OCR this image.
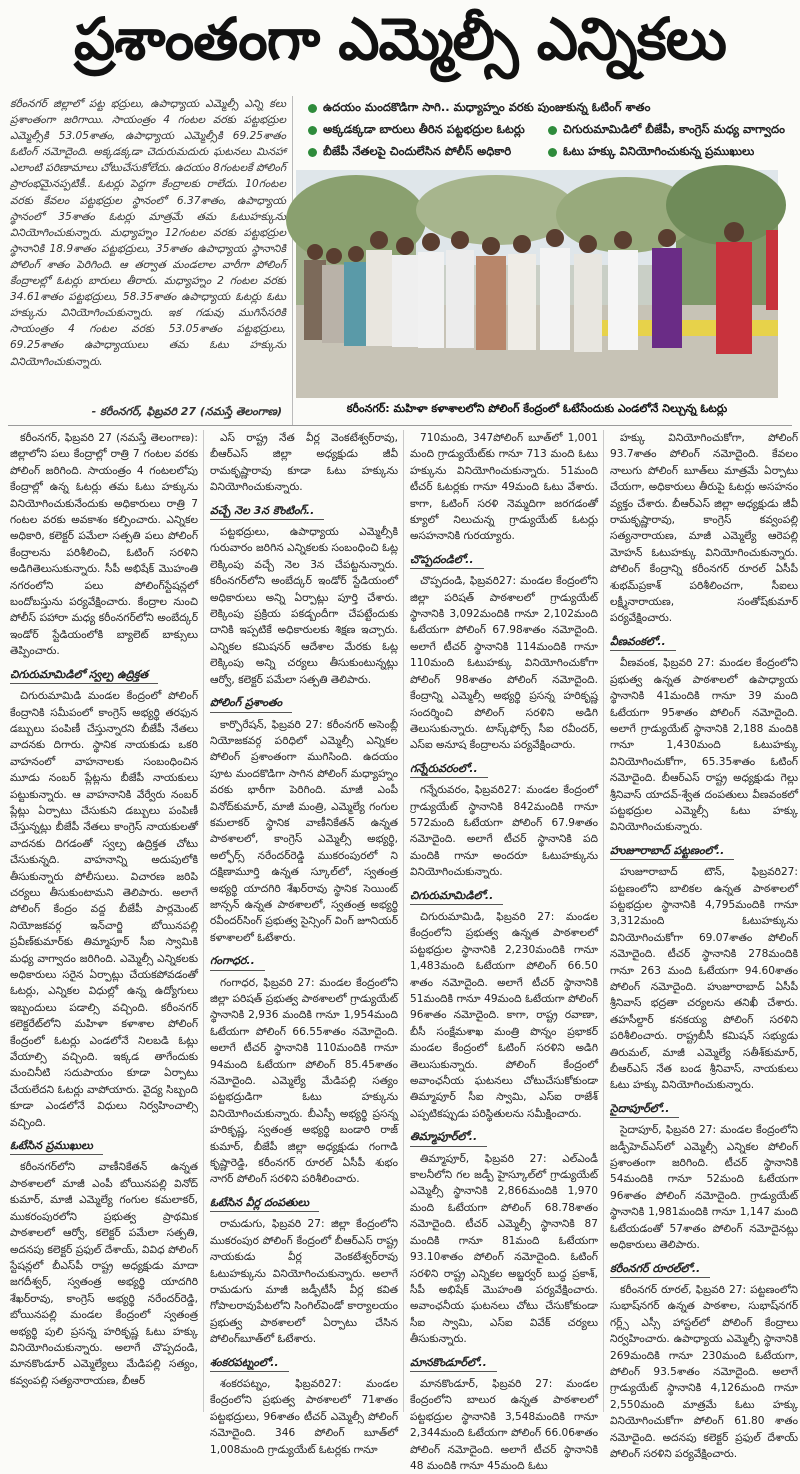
ప్రశాంతంగా ఎమ్మెల్సీ ఎన్నికలు
కరీంనగర్ జిల్లాలో పట్ట భద్రులు, ఉపాధ్యాయ ఎమ్మెల్సీ ఎన్ని కలు ప్రశాంతంగా జరిగాయి. సాయంత్రం 4 గంటల వరకు పట్టభద్రుల ఎమ్మెల్సీకి 53.05శాతం, ఉపాధ్యాయ ఎమ్మెల్సీకి 69.25శాతం ఓటింగ్ నమోదైంది. అక్కడక్కడా చెదురుమదురు ఘటనలు మినహా ఎలాంటి పరిణామాలు చోటుచేసుకోలేదు. ఉదయం 8గంటలకే పోలింగ్ ప్రారంభమైనప్పటికీ.. ఓటర్లు పెద్దగా కేంద్రాలకు రాలేదు. 10గంటల వరకు కేవలం పట్టభద్రుల స్థానంలో 6.37శాతం, ఉపాధ్యాయ స్థానంలో 35శాతం ఓటర్లు మాత్రమే తమ ఓటుహక్కును వినియోగించుకున్నారు. మధ్యాహ్నం 12గంటల వరకు పట్టభద్రుల స్థానానికి 18.9శాతం పట్టభద్రులు, 35శాతం ఉపాధ్యాయ స్థానానికి పోలింగ్ శాతం పెరిగింది. ఆ తర్వాత మండలాల వారీగా పోలింగ్ కేంద్రాలల్లో ఓటర్లు బారులు తీరారు. మధ్యాహ్నం 2 గంటల వరకు 34.61శాతం పట్టభద్రులు, 58.35శాతం ఉపాధ్యాయ ఓటర్లు ఓటు హక్కును వినియోగించుకున్నారు. ఇక గడువు ముగిసేసరికి సాయంత్రం 4 గంటల వరకు 53.05శాతం పట్టభద్రులు, 69.25శాతం ఉపాధ్యాయులు తమ ఓటు హక్కును వినియోగించుకున్నారు.
- కరీంనగర్, ఫిబ్రవరి 27 (నమస్తే తెలంగాణ)
ఉదయం మందకొడిగా సాగి.. మధ్యాహ్నం వరకు పుంజుకున్న ఓటింగ్ శాతం
అక్కడక్కడా బారులు తీరిన పట్టభద్రుల ఓటర్లు	చిగురుమామిడిలో బీజేపీ, కాంగ్రెస్ మధ్య వాగ్వాదం
బీజేపీ నేతలపై చిందులేసిన పోలీస్ అధికారి	ఓటు హక్కు వినియోగించుకున్న ప్రముఖులు
కరీంనగర్: మహిళా కళాశాలలోని పోలింగ్ కేంద్రంలో ఓటేసేందుకు ఎండలోనే నిల్చున్న ఓటర్లు

కరీంనగర్, ఫిబ్రవరి 27 (నమస్తే తెలంగాణ): జిల్లాలోని పలు కేంద్రాల్లో రాత్రి 7 గంటల వరకు పోలింగ్ జరిగింది. సాయంత్రం 4 గంటలలోపు కేంద్రాల్లో ఉన్న ఓటర్లు తమ ఓటు హక్కును వినియోగించుకునేందుకు అధికారులు రాత్రి 7 గంటల వరకు అవకాశం కల్పించారు. ఎన్నికల అధికారి, కలెక్టర్ పమేలా సత్పతి పలు పోలింగ్ కేంద్రాలను పరిశీలించి, ఓటింగ్ సరళిని అడిగితెలుసుకున్నారు. సీపీ అభిషేక్ మొహంతి నగరంలోని పలు పోలింగ్‌స్టేషన్లలో బందోబస్తును పర్యవేక్షించారు. కేంద్రాల నుంచి పోలీస్ పహారా మధ్య కరీంనగర్‌లోని అంబేద్కర్ ఇండోర్ స్టేడియంలోకి బ్యాలెట్ బాక్సులు తెప్పించారు.

చిగురుమామిడిలో స్వల్ప ఉద్రిక్తత

చిగురుమామిడి మండల కేంద్రంలో పోలింగ్ కేంద్రానికి సమీపంలో కాంగ్రెస్ అభ్యర్థి తరఫున డబ్బులు పంపిణీ చేస్తున్నారని బీజేపీ నేతలు వాదనకు దిగారు. స్థానిక నాయకుడు ఒకరి వాహనంలో వాహనాలకు సంబంధించిన మూడు నంబర్ ప్లేట్లను బీజేపీ నాయకులు పట్టుకున్నారు. ఆ వాహనానికి వేర్వేరు నంబర్ ప్లేట్లు ఏర్పాటు చేసుకుని డబ్బులు పంపిణీ చేస్తున్నట్లు బీజేపీ నేతలు కాంగ్రెస్ నాయకులతో వాదనకు దిగడంతో స్వల్ప ఉద్రిక్తత చోటు చేసుకున్నది. వాహనాన్ని అదుపులోకి తీసుకున్నారు పోలీసులు. విచారణ జరిపి చర్యలు తీసుకుంటామని తెలిపారు. అలాగే పోలింగ్ కేంద్రం వద్ద బీజేపీ పార్లమెంట్ నియోజకవర్గ ఇన్‌చార్జి బోయినపల్లి ప్రవీణ్‌కుమార్‌కు తిమ్మాపూర్ సీఐ స్వామికి మధ్య వాగ్వాదం జరిగింది. ఎమ్మెల్సీ ఎన్నికలకు అధికారులు సరైన ఏర్పాట్లు చేయకపోవడంతో ఓటర్లు, ఎన్నికల విధుల్లో ఉన్న ఉద్యోగులు ఇబ్బందులు పడాల్సి వచ్చింది. కరీంనగర్ కలెక్టరేట్‌లోని మహిళా కళాశాల పోలింగ్ కేంద్రంలో ఓటర్లు ఎండలోనే నిలబడి ఓట్లు వేయాల్సి వచ్చింది. ఇక్కడ తాగేందుకు మంచినీటి సదుపాయం కూడా ఏర్పాటు చేయలేదని ఓటర్లు వాపోయారు. వైద్య సిబ్బంది కూడా ఎండలోనే విధులు నిర్వహించాల్సి వచ్చింది.

ఓటేసిన ప్రముఖులు

కరీంనగర్‌లోని వాణీనికేతన్ ఉన్నత పాఠశాలలో మాజీ ఎంపీ బోయినపల్లి వినోద్ కుమార్, మాజీ ఎమ్మెల్యే గంగుల కమలాకర్, ముకరంపురలోని ప్రభుత్వ ప్రాథమిక పాఠశాలలో ఆర్వో, కలెక్టర్ పమేలా సత్పతి, అదనపు కలెక్టర్ ప్రఫుల్ దేశాయ్, వివిధ పోలింగ్ స్టేషన్లలో బీఎస్‌పీ రాష్ట్ర అధ్యక్షుడు మాదా జగదీశ్వర్, స్వతంత్ర అభ్యర్థి యాదగిరి శేఖర్‌రావు, కాంగ్రెస్ అభ్యర్థి నరేందర్‌రెడ్డి, బోయినపల్లి మండల కేంద్రంలో స్వతంత్ర అభ్యర్థి పులి ప్రసన్న హరికృష్ణ ఓటు హక్కు వినియోగించుకున్నారు. అలాగే చొప్పదండి, మానకొండూర్ ఎమ్మెల్యేలు మేడిపల్లి సత్యం, కవ్వంపల్లి సత్యనారాయణ, బీఆర్

ఎస్ రాష్ట్ర నేత వీర్ల వెంకటేశ్వర్‌రావు, బీఆర్ఎస్ జిల్లా అధ్యక్షుడు జీవీ రామకృష్ణారావు కూడా ఓటు హక్కును వినియోగించుకున్నారు.

వచ్చే నెల 3న కౌంటింగ్..

పట్టభద్రులు, ఉపాధ్యాయ ఎమ్మెల్సీకి గురువారం జరిగిన ఎన్నికలకు సంబంధించి ఓట్ల లెక్కింపు వచ్చే నెల 3న చేపట్టనున్నారు. కరీంనగర్‌లోని అంబేద్కర్ ఇండోర్ స్టేడియంలో అధికారులు అన్ని ఏర్పాట్లు పూర్తి చేశారు. లెక్కింపు ప్రక్రియ పకడ్బందీగా చేపట్టేందుకు దానికి ఇప్పటికే అధికారులకు శిక్షణ ఇచ్చారు. ఎన్నికల కమిషనర్ ఆదేశాల మేరకు ఓట్ల లెక్కింపు అన్ని చర్యలు తీసుకుంటున్నట్లు ఆర్వో, కలెక్టర్ పమేలా సత్పతి తెలిపారు.

పోలింగ్ ప్రశాంతం

కార్పొరేషన్, ఫిబ్రవరి 27: కరీంనగర్ అసెంబ్లీ నియోజకవర్గ పరిధిలో ఎమ్మెల్సీ ఎన్నికల పోలింగ్ ప్రశాంతంగా ముగిసింది. ఉదయం పూట మందకొడిగా సాగిన పోలింగ్ మధ్యాహ్నం వరకు భారీగా పెరిగింది. మాజీ ఎంపీ వినోద్‌కుమార్, మాజీ మంత్రి, ఎమ్మెల్యే గంగుల కమలాకర్ స్థానిక వాణీనికేతన్ ఉన్నత పాఠశాలలో, కాంగ్రెస్ ఎమ్మెల్సీ అభ్యర్థి, అల్ఫోర్స్ నరేందర్‌రెడ్డి ముకరంపురలో ని దక్షిణామూర్తి ఉన్నత స్కూల్‌లో, స్వతంత్ర అభ్యర్థి యాదగిరి శేఖర్‌రావు స్థానిక సెయింట్ జాన్సన్ ఉన్నత పాఠశాలలో, స్వతంత్ర అభ్యర్థి రవీందర్‌సింగ్ ప్రభుత్వ సైన్సింగ్ వింగ్ జూనియర్ కళాశాలలో ఓటేశారు.

గంగాధర..

గంగాధర, ఫిబ్రవరి 27: మండల కేంద్రంలోని జిల్లా పరిషత్ ప్రభుత్వ పాఠశాలలో గ్రాడ్యుయేట్ స్థానానికి 2,936 మందికి గానూ 1,954మంది ఓటేయగా పోలింగ్ 66.55శాతం నమోదైంది. అలాగే టీచర్ స్థానానికి 110మందికి గానూ 94మంది ఓటేయగా పోలింగ్ 85.45శాతం నమోదైంది. ఎమ్మెల్యే మేడిపల్లి సత్యం పట్టభద్రుడిగా ఓటు హక్కును వినియోగించుకున్నారు. బీఎస్పీ అభ్యర్థి ప్రసన్న హరికృష్ణ, స్వతంత్ర అభ్యర్థి బండారి రాజ్ కుమార్, బీజేపీ జిల్లా అధ్యక్షుడు గంగాడి కృష్ణారెడ్డి, కరీంనగర్ రూరల్ ఏసీపీ శుభం నాగర్ పోలింగ్ సరళిని పరిశీలించారు.

ఓటేసిన వీర్ల దంపతులు

రామడుగు, ఫిబ్రవరి 27: జిల్లా కేంద్రంలోని ముకరంపుర పోలింగ్ కేంద్రంలో బీఆర్ఎస్ రాష్ట్ర నాయకుడు వీర్ల వెంకటేశ్వర్‌రావు ఓటుహక్కును వినియోగించుకున్నారు. అలాగే రామడుగు మాజీ జడ్పీటీసీ వీర్ల కవిత గోపాలరావుపేటలోని సింగిల్‌విండో కార్యాలయం ప్రభుత్వ పాఠశాలలో ఏర్పాటు చేసిన పోలింగ్‌బూత్‌లో ఓటేశారు.

శంకరపట్నంలో..

శంకరపట్నం, ఫిబ్రవరి27: మండల కేంద్రంలోని ప్రభుత్వ పాఠశాలలో 71శాతం పట్టభద్రులు, 96శాతం టీచర్ ఎమ్మెల్సీ పోలింగ్ నమోదైంది. 346 పోలింగ్ బూత్‌లో 1,008మంది గ్రాడ్యుయేట్ ఓటర్లకు గానూ

710మంది, 347పోలింగ్ బూత్‌లో 1,001 మంది గ్రాడ్యుయేట్‌కు గానూ 713 మంది ఓటు హక్కును వినియోగించుకున్నారు. 51మంది టీచర్ ఓటర్లకు గానూ 49మంది ఓటు వేశారు. కాగా, ఓటింగ్ సరళి నెమ్మదిగా జరగడంతో క్యూలో నిలుచున్న గ్రాడ్యుయేట్ ఓటర్లు అసహనానికి గురయ్యారు.

చొప్పదండిలో..

చొప్పదండి, ఫిబ్రవరి27: మండల కేంద్రంలోని జిల్లా పరిషత్ పాఠశాలలో గ్రాడ్యుయేట్ స్థానానికి 3,092మందికి గానూ 2,102మంది ఓటేయగా పోలింగ్ 67.98శాతం నమోదైంది. అలాగే టీచర్ స్థానానికి 114మందికి గానూ 110మంది ఓటుహక్కు వినియోగించుకోగా పోలింగ్ 98శాతం పోలింగ్ నమోదైంది. కేంద్రాన్ని ఎమ్మెల్సీ అభ్యర్థి ప్రసన్న హరికృష్ణ సందర్శించి పోలింగ్ సరళిని అడిగి తెలుసుకున్నారు. టాస్క్‌ఫోర్స్ సీఐ రవీందర్, ఎస్ఐ అనూష కేంద్రాలను పర్యవేక్షించారు.

గన్నేరువరంలో..

గన్నేరువరం, ఫిబ్రవరి27: మండల కేంద్రంలో గ్రాడ్యుయేట్ స్థానానికి 842మందికి గానూ 572మంది ఓటేయగా పోలింగ్ 67.9శాతం నమోదైంది. అలాగే టీచర్ స్థానానికి పది మందికి గానూ అందరూ ఓటుహక్కును వినియోగించుకున్నారు.

చిగురుమామిడిలో..

చిగురుమామిడి, ఫిబ్రవరి 27: మండల కేంద్రంలోని ప్రభుత్వ ఉన్నత పాఠశాలలో పట్టభద్రుల స్థానానికి 2,230మందికి గానూ 1,483మంది ఓటేయగా పోలింగ్ 66.50 శాతం నమోదైంది. అలాగే టీచర్ స్థానానికి 51మందికి గానూ 49మంది ఓటేయగా పోలింగ్ 96శాతం నమోదైంది. కాగా, రాష్ట్ర రవాణా, బీసీ సంక్షేమశాఖ మంత్రి పొన్నం ప్రభాకర్ మండల కేంద్రంలో ఓటింగ్ సరళిని అడిగి తెలుసుకున్నారు. పోలింగ్ కేంద్రంలో అవాంఛనీయ ఘటనలు చోటుచేసుకోకుండా తిమ్మాపూర్ సీఐ స్వామి, ఎస్ఐ రాజేశ్ ఎప్పటికప్పుడు పరిస్థితులను సమీక్షించారు.

తిమ్మాపూర్‌లో..

తిమ్మాపూర్, ఫిబ్రవరి 27: ఎల్ఎండీ కాలనీలోని గల జడ్పీ హైస్కూల్‌లో గ్రాడ్యుయేట్ ఎమ్మెల్సీ స్థానానికి 2,866మందికి 1,970 మంది ఓటేయగా పోలింగ్ 68.78శాతం నమోదైంది. టీచర్ ఎమ్మెల్సీ స్థానానికి 87 మందికి గానూ 81మంది ఓటేయగా 93.10శాతం పోలింగ్ నమోదైంది. ఓటింగ్ సరళిని రాష్ట్ర ఎన్నికల అబ్జర్వర్ బుద్ధ ప్రకాశ్, సీపీ అభిషేక్ మొహంతి పర్యవేక్షించారు. అవాంఛనీయ ఘటనలు చోటు చేసుకోకుండా సీఐ స్వామి, ఎస్ఐ వివేక్ చర్యలు తీసుకున్నారు.

మానకొండూర్‌లో..

మానకొండూర్, ఫిబ్రవరి 27: మండల కేంద్రంలోని బాలుర ఉన్నత పాఠశాలలో పట్టభద్రుల స్థానానికి 3,548మందికి గానూ 2,344మంది ఓటేయగా పోలింగ్ 66.06శాతం పోలింగ్ నమోదైంది. అలాగే టీచర్ స్థానానికి 48 మందికి గానూ 45మంది ఓటు

హక్కు వినియోగించుకోగా, పోలింగ్ 93.7శాతం పోలింగ్ నమోదైంది. కేవలం నాలుగు పోలింగ్ బూత్‌లు మాత్రమే ఏర్పాటు చేయగా, అధికారులు తీరుపై ఓటర్లు అసహనం వ్యక్తం చేశారు. బీఆర్ఎస్ జిల్లా అధ్యక్షుడు జీవీ రామకృష్ణారావు, కాంగ్రెస్ కవ్వంపల్లి సత్యనారాయణ, మాజీ ఎమ్మెల్యే ఆరెపల్లి మోహన్ ఓటుహక్కు వినియోగించుకున్నారు. పోలింగ్ కేంద్రాన్ని కరీంనగర్ రూరల్ ఏసీపీ శుభమ్‌ప్రకాశ్ పరిశీలించగా, సీఐలు లక్ష్మీనారాయణ, సంతోష్‌కుమార్ పర్యవేక్షించారు.

వీణవంకలో..

వీణవంక, ఫిబ్రవరి 27: మండల కేంద్రంలోని ప్రభుత్వ ఉన్నత పాఠశాలలో ఉపాధ్యాయ స్థానానికి 41మందికి గానూ 39 మంది ఓటేయగా 95శాతం పోలింగ్ నమోదైంది. అలాగే గ్రాడ్యుయేట్ స్థానానికి 2,188 మందికి గానూ 1,430మంది ఓటుహక్కు వినియోగించుకోగా, 65.35శాతం ఓటింగ్ నమోదైంది. బీఆర్ఎస్ రాష్ట్ర అధ్యక్షుడు గెల్లు శ్రీనివాస్ యాదవ్-శ్వేత దంపతులు వీణవంకలో పట్టభద్రుల ఎమ్మెల్సీ ఓటు హక్కు వినియోగించుకున్నారు.

హుజూరాబాద్ పట్టణంలో..

హుజూరాబాద్ టౌన్, ఫిబ్రవరి27: పట్టణంలోని బాలికల ఉన్నత పాఠశాలలో పట్టభద్రుల స్థానానికి 4,795మందికి గానూ 3,312మంది ఓటుహక్కును వినియోగించుకోగా 69.07శాతం పోలింగ్ నమోదైంది. టీచర్ స్థానానికి 278మందికి గానూ 263 మంది ఓటేయగా 94.60శాతం పోలింగ్ నమోదైంది. హుజూరాబాద్ ఏసీపీ శ్రీనివాస్ భద్రతా చర్యలను తనిఖీ చేశారు. తహసీల్దార్ కనకయ్య పోలింగ్ సరళిని పరిశీలించారు. రాష్ట్రబీసీ కమిషన్ సభ్యుడు తిరుమల్, మాజీ ఎమ్మెల్యే సతీశ్‌కుమార్, బీఆర్ఎస్ నేత బండ శ్రీనివాస్, నాయకులు ఓటు హక్కు వినియోగించుకున్నారు.

సైదాపూర్‌లో..

సైదాపూర్, ఫిబ్రవరి 27: మండల కేంద్రంలోని జడ్పీహెచ్‌ఎస్‌లో ఎమ్మెల్సీ ఎన్నికల పోలింగ్ ప్రశాంతంగా జరిగింది. టీచర్ స్థానానికి 54మందికి గానూ 52మంది ఓటేయగా 96శాతం పోలింగ్ నమోదైంది. గ్రాడ్యుయేట్ స్థానానికి 1,981మందికి గానూ 1,147 మంది ఓటేయడంతో 57శాతం పోలింగ్ నమోదైనట్లు అధికారులు తెలిపారు.

కరీంనగర్ రూరల్‌లో..

కరీంనగర్ రూరల్, ఫిబ్రవరి 27: పట్టణంలోని సుభాష్‌నగర్ ఉన్నత పాఠశాల, సుభాష్‌నగర్ గర్ల్స్ ఎస్సీ హాస్టల్‌లో పోలింగ్ కేంద్రాలు నిర్వహించారు. ఉపాధ్యాయ ఎమ్మెల్సీ స్థానానికి 269మందికి గానూ 230మంది ఓటేయగా, పోలింగ్ 93.5శాతం నమోదైంది. అలాగే గ్రాడ్యుయేట్ స్థానానికి 4,126మంది గానూ 2,550మంది మాత్రమే ఓటు హక్కు వినియోగించుకోగా పోలింగ్ 61.80 శాతం నమోదైంది. అదనపు కలెక్టర్ ప్రఫుల్ దేశాయ్ పోలింగ్ సరళిని పర్యవేక్షించారు.
